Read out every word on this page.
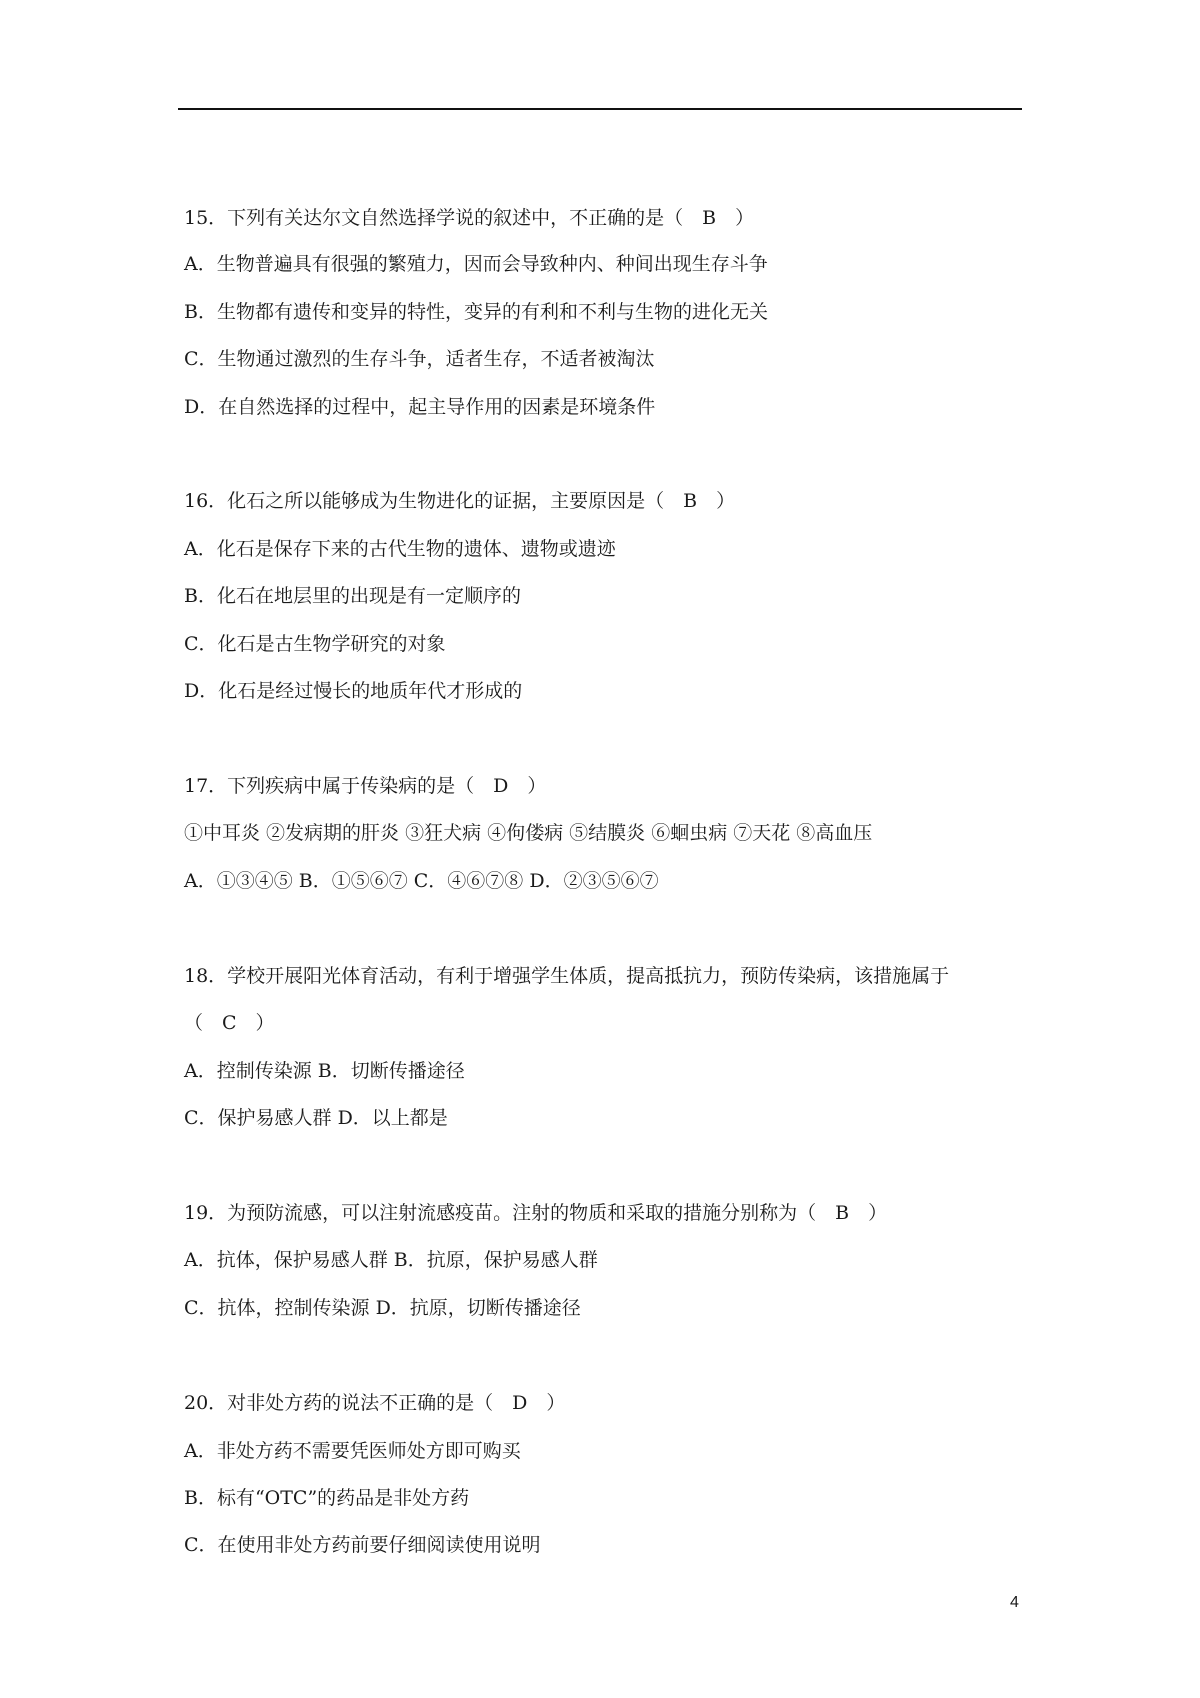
15．下列有关达尔文自然选择学说的叙述中，不正确的是（　B　）
A．生物普遍具有很强的繁殖力，因而会导致种内、种间出现生存斗争
B．生物都有遗传和变异的特性，变异的有利和不利与生物的进化无关
C．生物通过激烈的生存斗争，适者生存，不适者被淘汰
D．在自然选择的过程中，起主导作用的因素是环境条件
16．化石之所以能够成为生物进化的证据，主要原因是（　B　）
A．化石是保存下来的古代生物的遗体、遗物或遗迹
B．化石在地层里的出现是有一定顺序的
C．化石是古生物学研究的对象
D．化石是经过慢长的地质年代才形成的
17．下列疾病中属于传染病的是（　D　）
①中耳炎 ②发病期的肝炎 ③狂犬病 ④佝偻病 ⑤结膜炎 ⑥蛔虫病 ⑦天花 ⑧高血压
A．①③④⑤ B．①⑤⑥⑦ C．④⑥⑦⑧ D．②③⑤⑥⑦
18．学校开展阳光体育活动，有利于增强学生体质，提高抵抗力，预防传染病，该措施属于
（　C　）
A．控制传染源 B．切断传播途径
C．保护易感人群 D．以上都是
19．为预防流感，可以注射流感疫苗。注射的物质和采取的措施分别称为（　B　）
A．抗体，保护易感人群 B．抗原，保护易感人群
C．抗体，控制传染源 D．抗原，切断传播途径
20．对非处方药的说法不正确的是（　D　）
A．非处方药不需要凭医师处方即可购买
B．标有“OTC”的药品是非处方药
C．在使用非处方药前要仔细阅读使用说明
4
